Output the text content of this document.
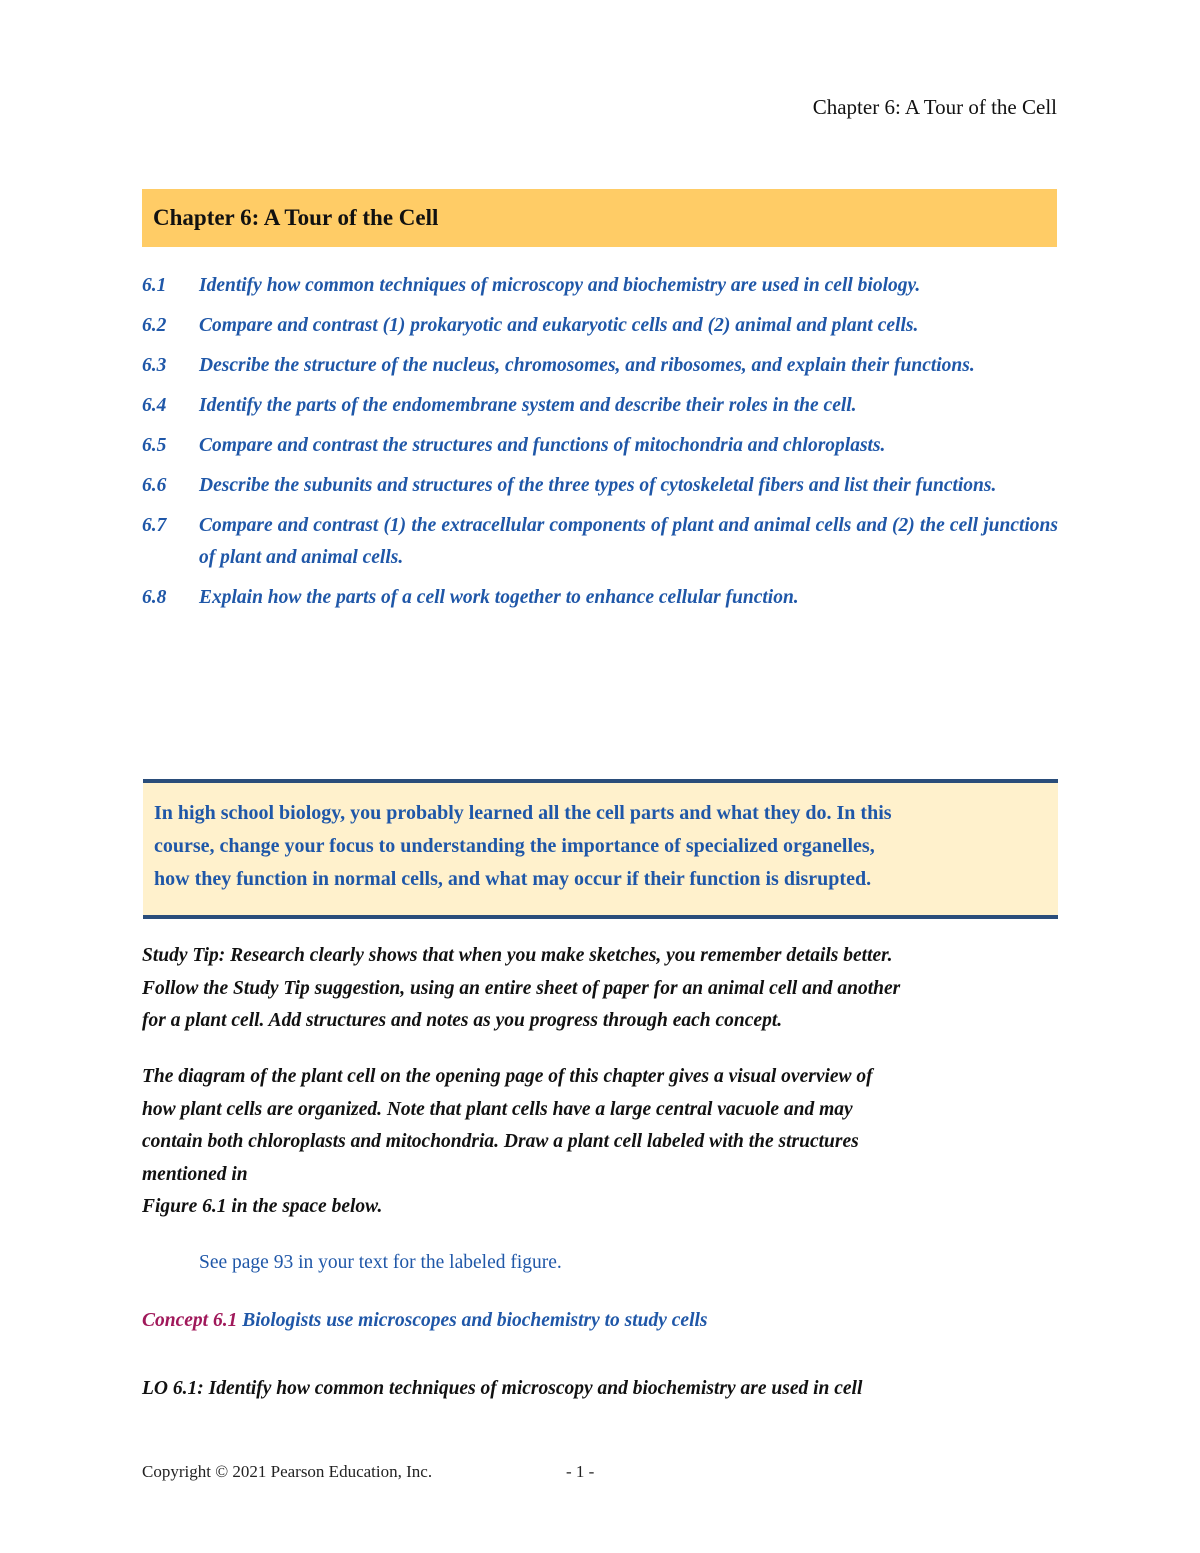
Chapter 6: A Tour of the Cell
Chapter 6: A Tour of the Cell
6.1	Identify how common techniques of microscopy and biochemistry are used in cell biology.
6.2	Compare and contrast (1) prokaryotic and eukaryotic cells and (2) animal and plant cells.
6.3	Describe the structure of the nucleus, chromosomes, and ribosomes, and explain their functions.
6.4	Identify the parts of the endomembrane system and describe their roles in the cell.
6.5	Compare and contrast the structures and functions of mitochondria and chloroplasts.
6.6	Describe the subunits and structures of the three types of cytoskeletal fibers and list their functions.
6.7	Compare and contrast (1) the extracellular components of plant and animal cells and (2) the cell junctions of plant and animal cells.
6.8	Explain how the parts of a cell work together to enhance cellular function.

In high school biology, you probably learned all the cell parts and what they do. In this

course, change your focus to understanding the importance of specialized organelles,

how they function in normal cells, and what may occur if their function is disrupted.

Study Tip: Research clearly shows that when you make sketches, you remember details better.
Follow the Study Tip suggestion, using an entire sheet of paper for an animal cell and another
for a plant cell. Add structures and notes as you progress through each concept.
The diagram of the plant cell on the opening page of this chapter gives a visual overview of
how plant cells are organized. Note that plant cells have a large central vacuole and may
contain both chloroplasts and mitochondria. Draw a plant cell labeled with the structures
mentioned in
Figure 6.1 in the space below.

See page 93 in your text for the labeled figure.

Concept 6.1 Biologists use microscopes and biochemistry to study cells

LO 6.1: Identify how common techniques of microscopy and biochemistry are used in cell

Copyright © 2021 Pearson Education, Inc.	- 1 -
